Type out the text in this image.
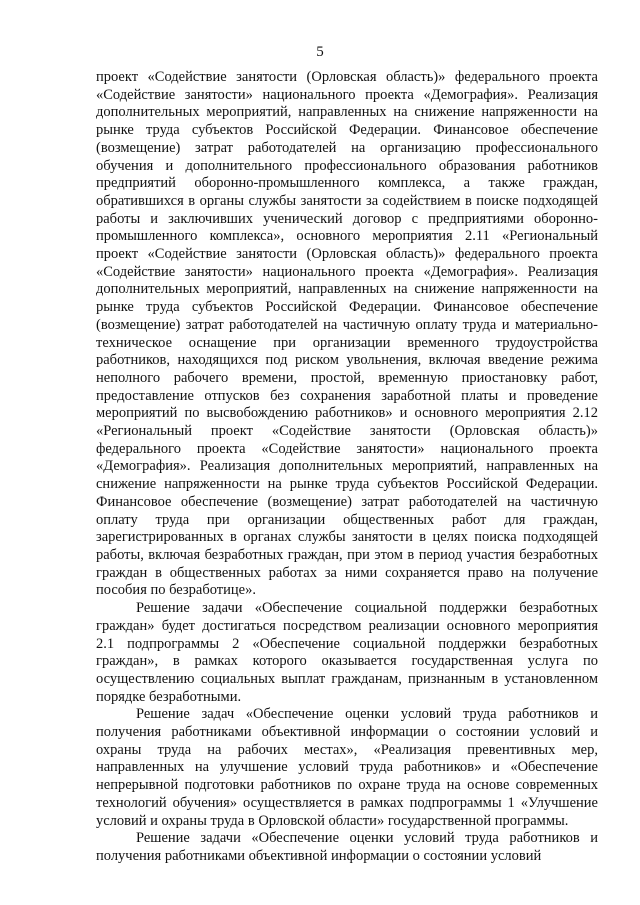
5

проект «Содействие занятости (Орловская область)» федерального проекта «Содействие занятости» национального проекта «Демография». Реализация дополнительных мероприятий, направленных на снижение напряженности на рынке труда субъектов Российской Федерации. Финансовое обеспечение (возмещение) затрат работодателей на организацию профессионального обучения и дополнительного профессионального образования работников предприятий оборонно-промышленного комплекса, а также граждан, обратившихся в органы службы занятости за содействием в поиске подходящей работы и заключивших ученический договор с предприятиями оборонно-промышленного комплекса», основного мероприятия 2.11 «Региональный проект «Содействие занятости (Орловская область)» федерального проекта «Содействие занятости» национального проекта «Демография». Реализация дополнительных мероприятий, направленных на снижение напряженности на рынке труда субъектов Российской Федерации. Финансовое обеспечение (возмещение) затрат работодателей на частичную оплату труда и материально-техническое оснащение при организации временного трудоустройства работников, находящихся под риском увольнения, включая введение режима неполного рабочего времени, простой, временную приостановку работ, предоставление отпусков без сохранения заработной платы и проведение мероприятий по высвобождению работников» и основного мероприятия 2.12 «Региональный проект «Содействие занятости (Орловская область)» федерального проекта «Содействие занятости» национального проекта «Демография». Реализация дополнительных мероприятий, направленных на снижение напряженности на рынке труда субъектов Российской Федерации. Финансовое обеспечение (возмещение) затрат работодателей на частичную оплату труда при организации общественных работ для граждан, зарегистрированных в органах службы занятости в целях поиска подходящей работы, включая безработных граждан, при этом в период участия безработных граждан в общественных работах за ними сохраняется право на получение пособия по безработице».

Решение задачи «Обеспечение социальной поддержки безработных граждан» будет достигаться посредством реализации основного мероприятия 2.1 подпрограммы 2 «Обеспечение социальной поддержки безработных граждан», в рамках которого оказывается государственная услуга по осуществлению социальных выплат гражданам, признанным в установленном порядке безработными.

Решение задач «Обеспечение оценки условий труда работников и получения работниками объективной информации о состоянии условий и охраны труда на рабочих местах», «Реализация превентивных мер, направленных на улучшение условий труда работников» и «Обеспечение непрерывной подготовки работников по охране труда на основе современных технологий обучения» осуществляется в рамках подпрограммы 1 «Улучшение условий и охраны труда в Орловской области» государственной программы.

Решение задачи «Обеспечение оценки условий труда работников и получения работниками объективной информации о состоянии условий
